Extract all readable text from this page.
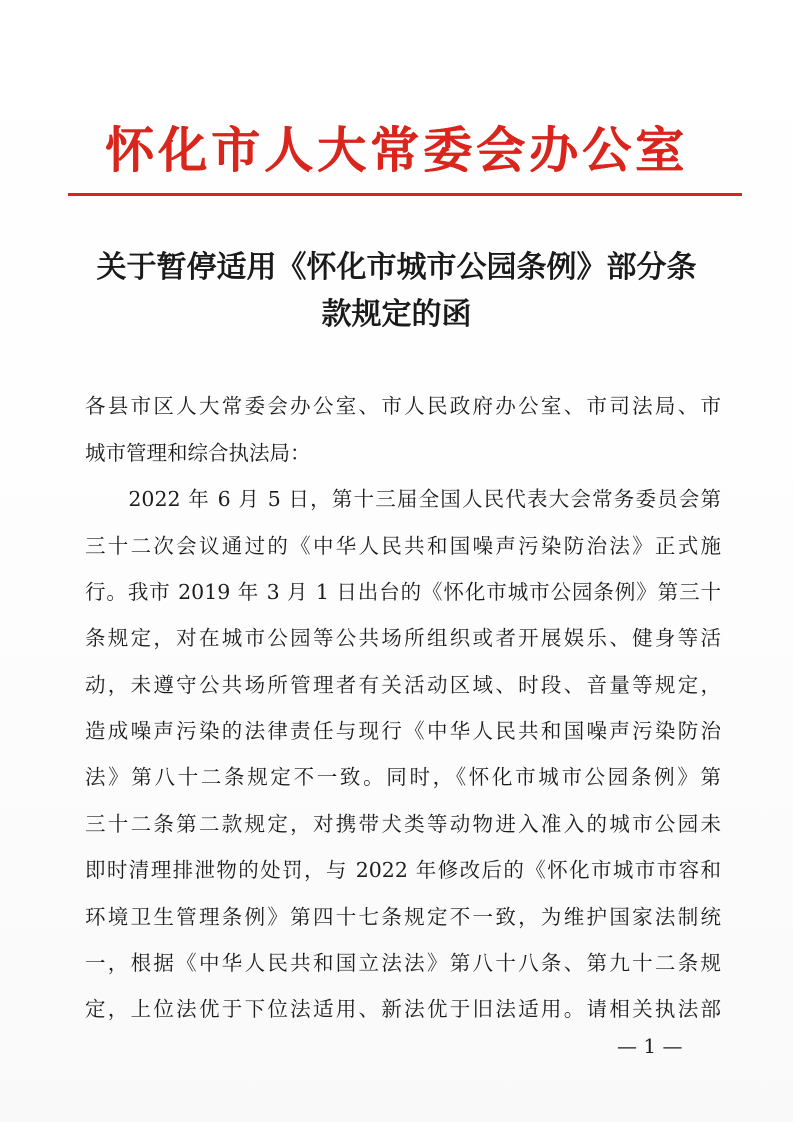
怀化市人大常委会办公室
关于暂停适用《怀化市城市公园条例》部分条
款规定的函
各县市区人大常委会办公室、市人民政府办公室、市司法局、市
城市管理和综合执法局：
　　2022 年 6 月 5 日，第十三届全国人民代表大会常务委员会第
三十二次会议通过的《中华人民共和国噪声污染防治法》正式施
行。我市 2019 年 3 月 1 日出台的《怀化市城市公园条例》第三十
条规定，对在城市公园等公共场所组织或者开展娱乐、健身等活
动，未遵守公共场所管理者有关活动区域、时段、音量等规定，
造成噪声污染的法律责任与现行《中华人民共和国噪声污染防治
法》第八十二条规定不一致。同时，《怀化市城市公园条例》第
三十二条第二款规定，对携带犬类等动物进入准入的城市公园未
即时清理排泄物的处罚，与 2022 年修改后的《怀化市城市市容和
环境卫生管理条例》第四十七条规定不一致，为维护国家法制统
一，根据《中华人民共和国立法法》第八十八条、第九十二条规
定，上位法优于下位法适用、新法优于旧法适用。请相关执法部
— 1 —
